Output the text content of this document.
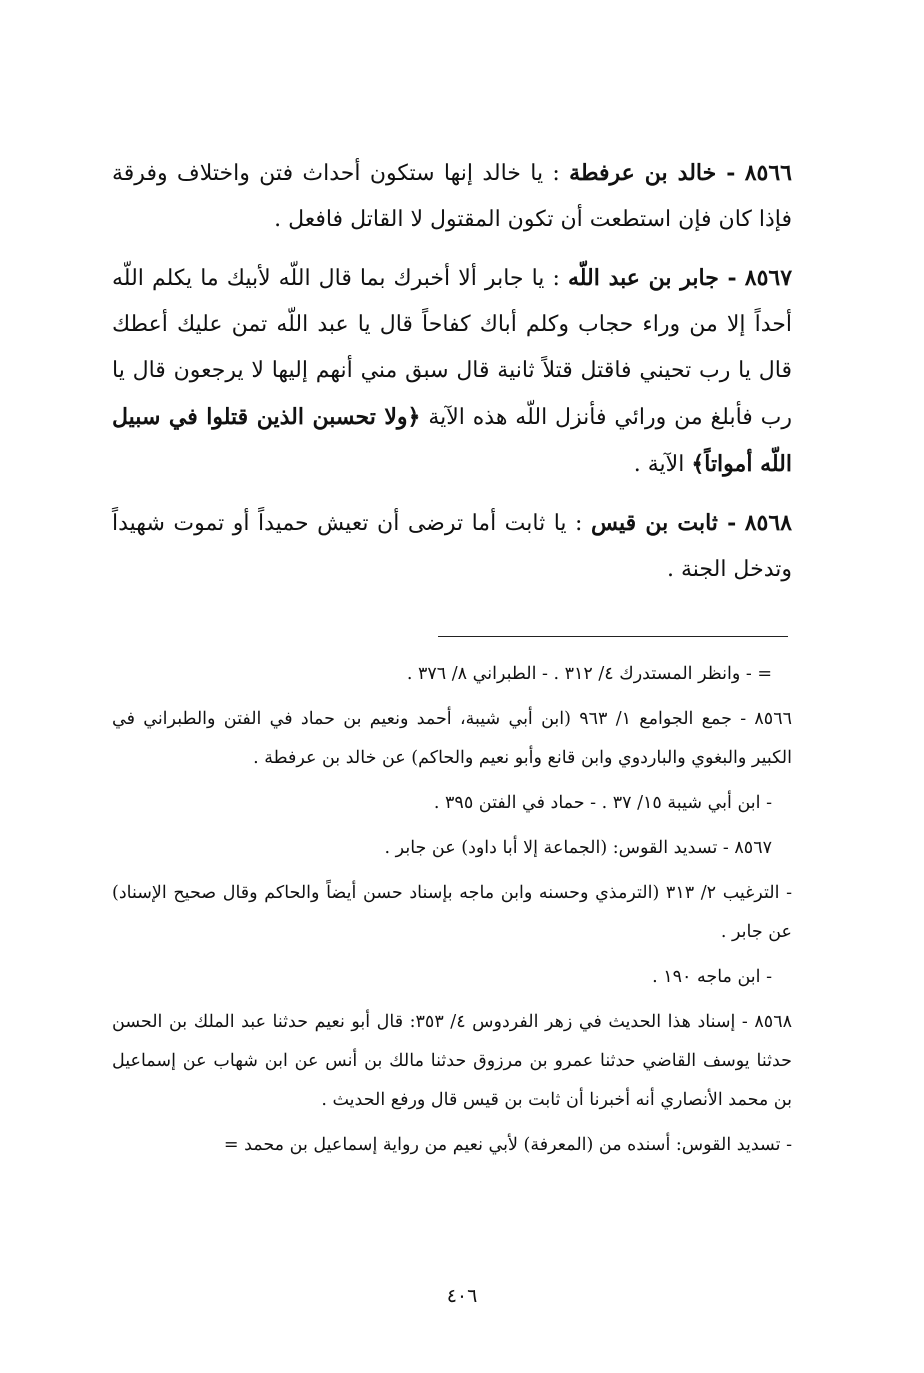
٨٥٦٦ - خالد بن عرفطة : يا خالد إنها ستكون أحداث فتن واختلاف وفرقة فإذا كان فإن استطعت أن تكون المقتول لا القاتل فافعل .

٨٥٦٧ - جابر بن عبد اللّه : يا جابر ألا أخبرك بما قال اللّه لأبيك ما يكلم اللّه أحداً إلا من وراء حجاب وكلم أباك كفاحاً قال يا عبد اللّه تمن عليك أعطك قال يا رب تحيني فاقتل قتلاً ثانية قال سبق مني أنهم إليها لا يرجعون قال يا رب فأبلغ من ورائي فأنزل اللّه هذه الآية ﴿ولا تحسبن الذين قتلوا في سبيل اللّه أمواتاً﴾ الآية .

٨٥٦٨ - ثابت بن قيس : يا ثابت أما ترضى أن تعيش حميداً أو تموت شهيداً وتدخل الجنة .

= - وانظر المستدرك ٤/ ٣١٢ . - الطبراني ٨/ ٣٧٦ .

٨٥٦٦ - جمع الجوامع ١/ ٩٦٣ (ابن أبي شيبة، أحمد ونعيم بن حماد في الفتن والطبراني في الكبير والبغوي والباردوي وابن قانع وأبو نعيم والحاكم) عن خالد بن عرفطة .

- ابن أبي شيبة ١٥/ ٣٧ . - حماد في الفتن ٣٩٥ .

٨٥٦٧ - تسديد القوس: (الجماعة إلا أبا داود) عن جابر .

- الترغيب ٢/ ٣١٣ (الترمذي وحسنه وابن ماجه بإسناد حسن أيضاً والحاكم وقال صحيح الإسناد) عن جابر .

- ابن ماجه ١٩٠ .

٨٥٦٨ - إسناد هذا الحديث في زهر الفردوس ٤/ ٣٥٣: قال أبو نعيم حدثنا عبد الملك بن الحسن حدثنا يوسف القاضي حدثنا عمرو بن مرزوق حدثنا مالك بن أنس عن ابن شهاب عن إسماعيل بن محمد الأنصاري أنه أخبرنا أن ثابت بن قيس قال ورفع الحديث .

- تسديد القوس: أسنده من (المعرفة) لأبي نعيم من رواية إسماعيل بن محمد =

٤٠٦
